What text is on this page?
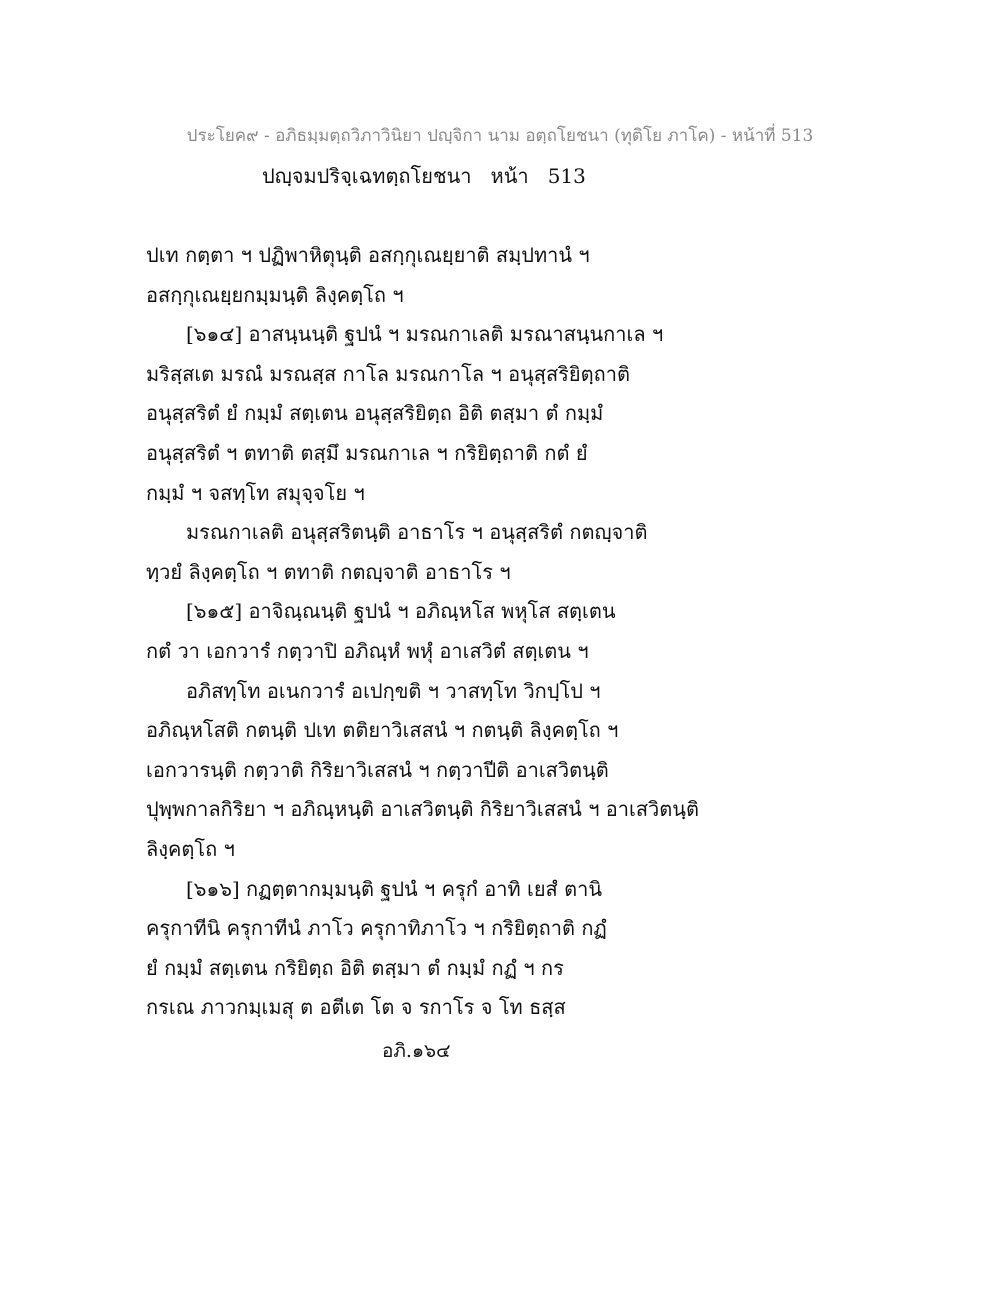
ประโยค๙ - อภิธมฺมตฺถวิภาวินิยา ปญฺจิกา นาม อตฺถโยชนา (ทุติโย ภาโค) - หน้าที่ 513
ปญฺจมปริจฺเฉทตฺถโยชนา   หน้า   513
ปเท กตฺตา ฯ ปฏิพาหิตุนฺติ อสกฺกุเณยฺยาติ สมฺปทานํ ฯ
อสกฺกุเณยฺยกมฺมนฺติ ลิงฺคตฺโถ ฯ
[๖๑๔] อาสนฺนนฺติ ฐปนํ ฯ มรณกาเลติ มรณาสนฺนกาเล ฯ
มริสฺสเต มรณํ มรณสฺส กาโล มรณกาโล ฯ อนุสฺสริยิตฺถาติ
อนุสฺสริตํ ยํ กมฺมํ สตฺเตน อนุสฺสริยิตฺถ อิติ ตสฺมา ตํ กมฺมํ
อนุสฺสริตํ ฯ ตทาติ ตสฺมึ มรณกาเล ฯ กริยิตฺถาติ กตํ ยํ
กมฺมํ ฯ จสทฺโท สมุจฺจโย ฯ
มรณกาเลติ อนุสฺสริตนฺติ อาธาโร ฯ อนุสฺสริตํ กตญฺจาติ
ทฺวยํ ลิงฺคตฺโถ ฯ ตทาติ กตญฺจาติ อาธาโร ฯ
[๖๑๕] อาจิณฺณนฺติ ฐปนํ ฯ อภิณฺหโส พหุโส สตฺเตน
กตํ วา เอกวารํ กตฺวาปิ อภิณฺหํ พหุํ อาเสวิตํ สตฺเตน ฯ
อภิสทฺโท อเนกวารํ อเปกฺขติ ฯ วาสทฺโท วิกปฺโป ฯ
อภิณฺหโสติ กตนฺติ ปเท ตติยาวิเสสนํ ฯ กตนฺติ ลิงฺคตฺโถ ฯ
เอกวารนฺติ กตฺวาติ กิริยาวิเสสนํ ฯ กตฺวาปีติ อาเสวิตนฺติ
ปุพฺพกาลกิริยา ฯ อภิณฺหนฺติ อาเสวิตนฺติ กิริยาวิเสสนํ ฯ อาเสวิตนฺติ
ลิงฺคตฺโถ ฯ
[๖๑๖] กฏตฺตากมฺมนฺติ ฐปนํ ฯ ครุกํ อาทิ เยสํ ตานิ
ครุกาทีนิ ครุกาทีนํ ภาโว ครุกาทิภาโว ฯ กริยิตฺถาติ กฏํ
ยํ กมฺมํ สตฺเตน กริยิตฺถ อิติ ตสฺมา ตํ กมฺมํ กฏํ ฯ กร
กรเณ ภาวกมฺเมสุ ต อตีเต โต จ รกาโร จ โท ธสฺส
อภิ.๑๖๔
